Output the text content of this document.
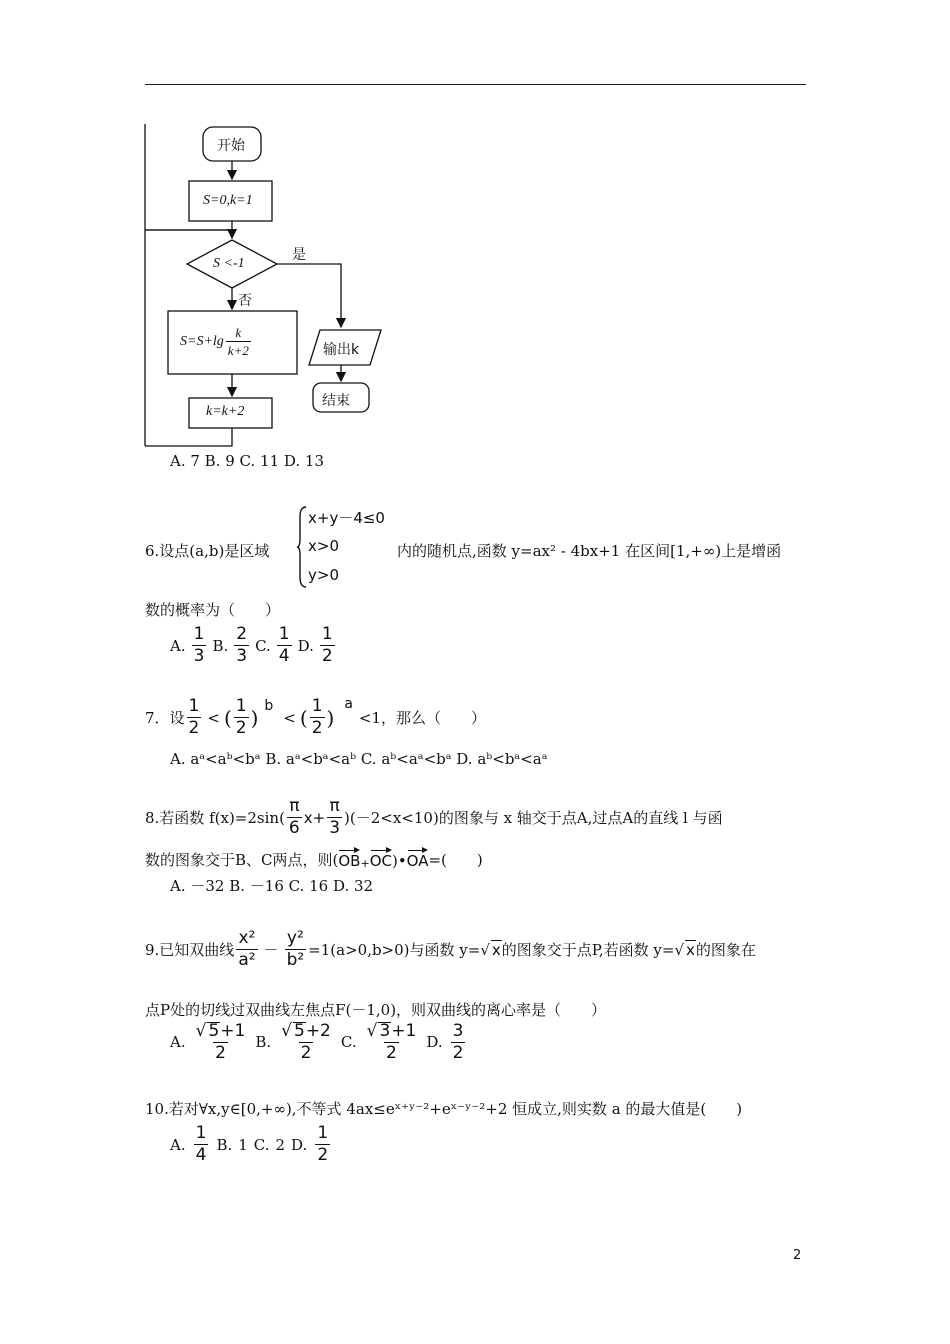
开始
S=0,k=1
S <-1
是
否
$S=S+\lg \frac{k}{k+2}$
k=k+2
输出k
结束
A. 7 B. 9 C. 11 D. 13
6.设点(a,b)是区域
x+y－4≤0
x>0
y>0
内的随机点,函数 y=ax² - 4bx+1 在区间[1,+∞)上是增函
数的概率为（　　）
A. $\frac{1}{3} B$. $\frac{2}{3} C$. $\frac{1}{4} D$. $\frac{1}{2}$
7．设 $\frac{1}{2}$ < ( $\frac{1}{2}$ ) b
< ( $\frac{1}{2}$ )
a
<1，那么（　　）
A. aᵃ<aᵇ<bᵃ B. aᵃ<bᵃ<aᵇ C. aᵇ<aᵃ<bᵃ D. aᵇ<bᵃ<aᵃ
8.若函数 $f(x)=2\sin( \frac{\pi}{6} x+ \frac{\pi}{3} )(-2<x<10)$的图象与 x 轴交于点A,过点A的直线 l 与函
数的图象交于B、C两点，则( OB + OC )• OA =(　　)
A. －32 B. －16 C. 16 D. 32
9.已知双曲线 $\frac{\text{x²}}{\text{a²}} - \frac{\text{y²}}{\text{b²}} =1(a>0,b>0)$与函数 y= √ x 的图象交于点P,若函数 y= √ x 的图象在
点P处的切线过双曲线左焦点F(－1,0)，则双曲线的离心率是（　　）
A. $\frac{√ 5+1}{2} B$. $\frac{√ 5+2}{2} C$. $\frac{√ 3+1}{2} D$. $\frac{3}{2}$
10.若对∀x,y∈[0,+∞),不等式 4ax≤eˣ⁺ʸ⁻²+eˣ⁻ʸ⁻²+2 恒成立,则实数 a 的最大值是(　　)
A. $\frac{1}{4} B$. 1 C. 2 D. $\frac{1}{2}$
2
